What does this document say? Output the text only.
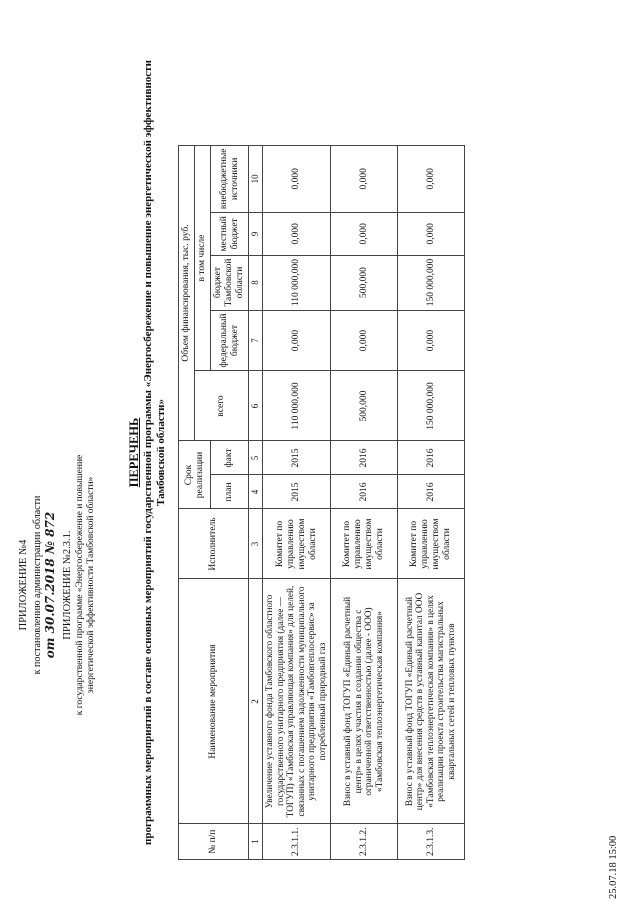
ПРИЛОЖЕНИЕ №4 к постановлению администрации области от 30.07.2018 № 872 ПРИЛОЖЕНИЕ №2.3.1. к государственной программе «Энергосбережение и повышение энергетической эффективности Тамбовской области»
ПЕРЕЧЕНЬ программных мероприятий в составе основных мероприятий государственной программы «Энергосбережение и повышение энергетической эффективности Тамбовской области»
№ п/п	Наименование мероприятия	Исполнитель	Срок реализации		Объем финансирования, тыс. руб.				
					всего	в том числе			
			план	факт		федеральный бюджет	бюджет Тамбовской области	местный бюджет	внебюджетные источники
1	2	3	4	5	6	7	8	9	10
2.3.1.1.	Увеличение уставного фонда Тамбовского областного государственного унитарного предприятия (далее — ТОГУП) «Тамбовская управляющая компания» для целей, связанных с погашением задолженности муниципального унитарного предприятия «Тамбовтеплосервис» за потребленный природный газ	Комитет по управлению имуществом области	2015	2015	110 000,000	0,000	110 000,000	0,000	0,000
2.3.1.2.	Взнос в уставный фонд ТОГУП «Единый расчетный центр» в целях участия в создании общества с ограниченной ответственностью (далее - ООО) «Тамбовская теплоэнергетическая компания»	Комитет по управлению имуществом области	2016	2016	500,000	0,000	500,000	0,000	0,000
2.3.1.3.	Взнос в уставный фонд ТОГУП «Единый расчетный центр» для внесения средств в уставный капитал ООО «Тамбовская теплоэнергетическая компания» в целях реализации проекта строительства магистральных квартальных сетей и тепловых пунктов	Комитет по управлению имуществом области	2016	2016	150 000,000	0,000	150 000,000	0,000	0,000
25.07.18 15:00
